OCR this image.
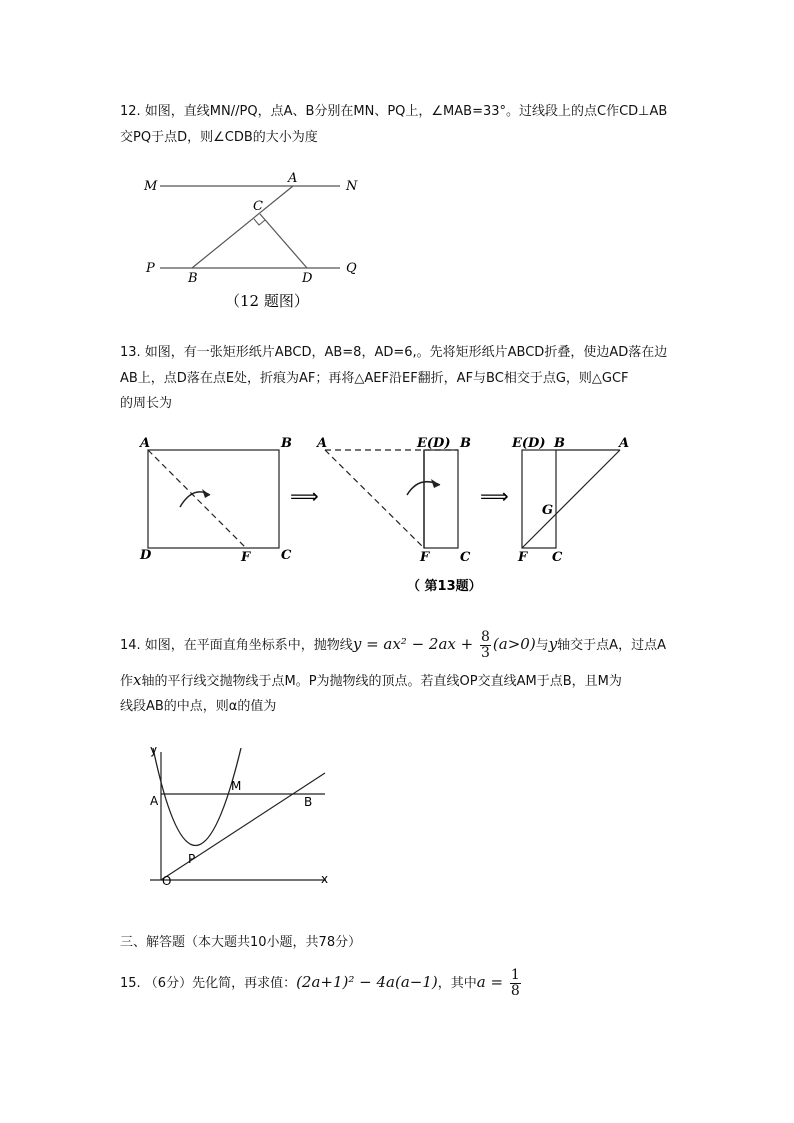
12. 如图，直线MN//PQ，点A、B分别在MN、PQ上，∠MAB=33°。过线段上的点C作CD⊥AB
交PQ于点D，则∠CDB的大小为度
M
A
N
C
P
B	D
Q
（12 题图）
13. 如图，有一张矩形纸片ABCD，AB=8，AD=6,。先将矩形纸片ABCD折叠，使边AD落在边
AB上，点D落在点E处，折痕为AF；再将△AEF沿EF翻折，AF与BC相交于点G，则△GCF
的周长为
A	B
D	F C
⟹
A	E(D) B
F C
⟹
E(D) B	A
G
F C
（ 第13题）
14. 如图，在平面直角坐标系中，抛物线$y = ax^2 - 2ax + \frac{8}{3} (a>0)$与y轴交于点A，过点A
作x轴的平行线交抛物线于点M。P为抛物线的顶点。若直线OP交直线AM于点B，且M为
线段AB的中点，则α的值为
y
x
A
M
B
P
O
三、解答题（本大题共10小题，共78分）
15. （6分）先化简，再求值：(2a+1)² − 4a(a−1)，其中$a = \frac{1}{8}$
